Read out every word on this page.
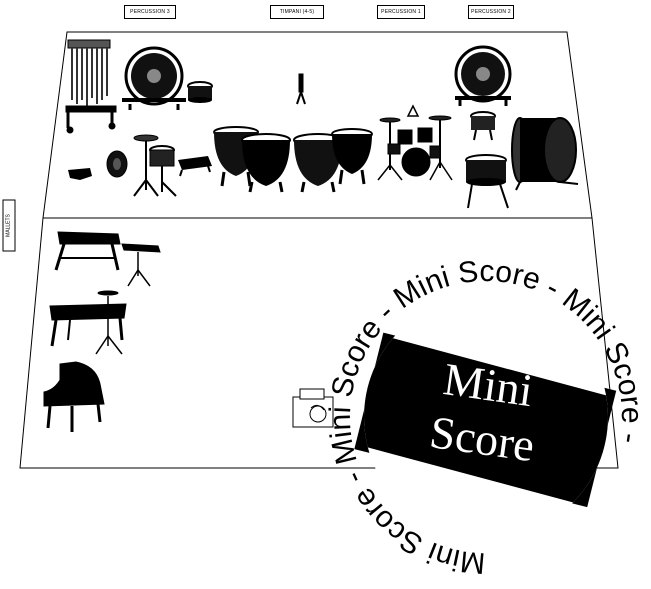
Mini
Score
Mini Score - Mini Score - Mini Score - Mini Score -
PERCUSSION 3	TIMPANI (4-5)	PERCUSSION 1	PERCUSSION 2
MALLETS
